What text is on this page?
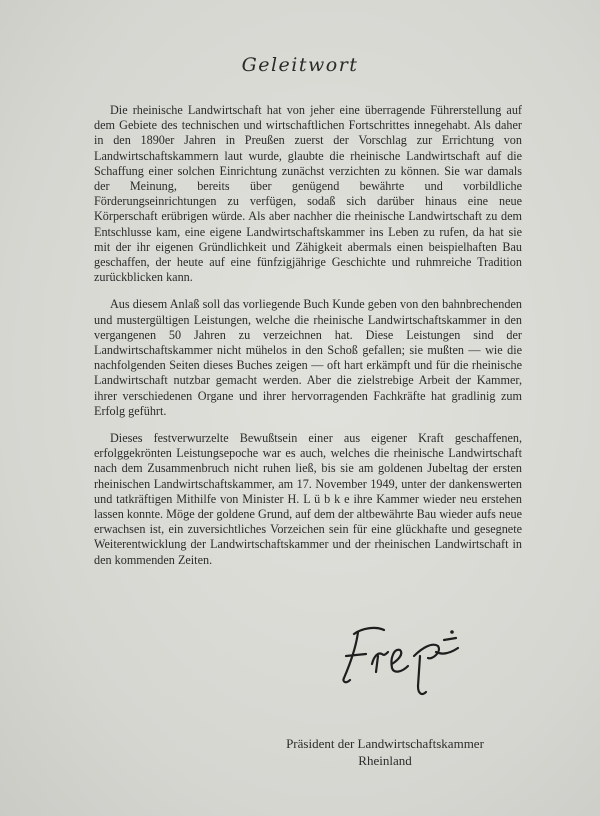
Geleitwort

Die rheinische Landwirtschaft hat von jeher eine überragende Führerstellung auf dem Gebiete des technischen und wirtschaftlichen Fortschrittes innegehabt. Als daher in den 1890er Jahren in Preußen zuerst der Vorschlag zur Errichtung von Landwirtschaftskammern laut wurde, glaubte die rheinische Landwirtschaft auf die Schaffung einer solchen Einrichtung zunächst verzichten zu können. Sie war damals der Meinung, bereits über genügend bewährte und vorbildliche Förderungseinrichtungen zu verfügen, sodaß sich darüber hinaus eine neue Körperschaft erübrigen würde. Als aber nachher die rheinische Landwirtschaft zu dem Entschlusse kam, eine eigene Landwirtschaftskammer ins Leben zu rufen, da hat sie mit der ihr eigenen Gründlichkeit und Zähigkeit abermals einen beispielhaften Bau geschaffen, der heute auf eine fünfzigjährige Geschichte und ruhmreiche Tradition zurückblicken kann.

Aus diesem Anlaß soll das vorliegende Buch Kunde geben von den bahnbrechenden und mustergültigen Leistungen, welche die rheinische Landwirtschaftskammer in den vergangenen 50 Jahren zu verzeichnen hat. Diese Leistungen sind der Landwirtschaftskammer nicht mühelos in den Schoß gefallen; sie mußten — wie die nachfolgenden Seiten dieses Buches zeigen — oft hart erkämpft und für die rheinische Landwirtschaft nutzbar gemacht werden. Aber die zielstrebige Arbeit der Kammer, ihrer verschiedenen Organe und ihrer hervorragenden Fachkräfte hat gradlinig zum Erfolg geführt.

Dieses festverwurzelte Bewußtsein einer aus eigener Kraft geschaffenen, erfolggekrönten Leistungsepoche war es auch, welches die rheinische Landwirtschaft nach dem Zusammenbruch nicht ruhen ließ, bis sie am goldenen Jubeltag der ersten rheinischen Landwirtschaftskammer, am 17. November 1949, unter der dankenswerten und tatkräftigen Mithilfe von Minister H. L ü b k e ihre Kammer wieder neu erstehen lassen konnte. Möge der goldene Grund, auf dem der altbewährte Bau wieder aufs neue erwachsen ist, ein zuversichtliches Vorzeichen sein für eine glückhafte und gesegnete Weiterentwicklung der Landwirtschaftskammer und der rheinischen Landwirtschaft in den kommenden Zeiten.

Präsident der Landwirtschaftskammer
Rheinland
